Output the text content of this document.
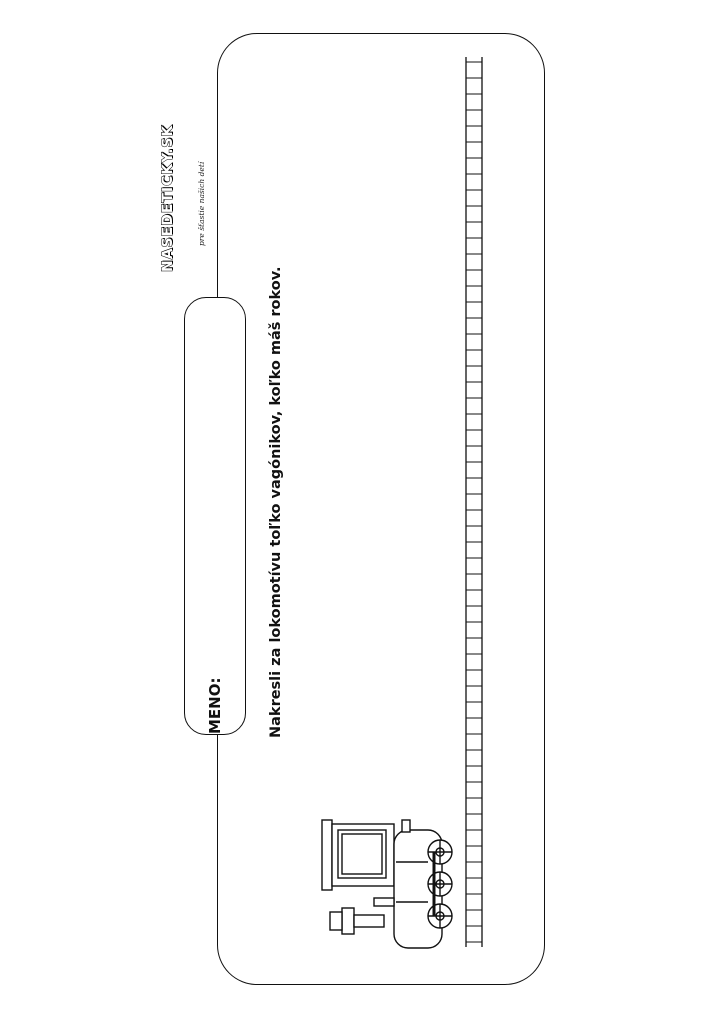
MENO:	Nakresli za lokomotívu toľko vagónikov, koľko máš rokov.
NASEDETICKY.SK	pre šťastie našich detí
